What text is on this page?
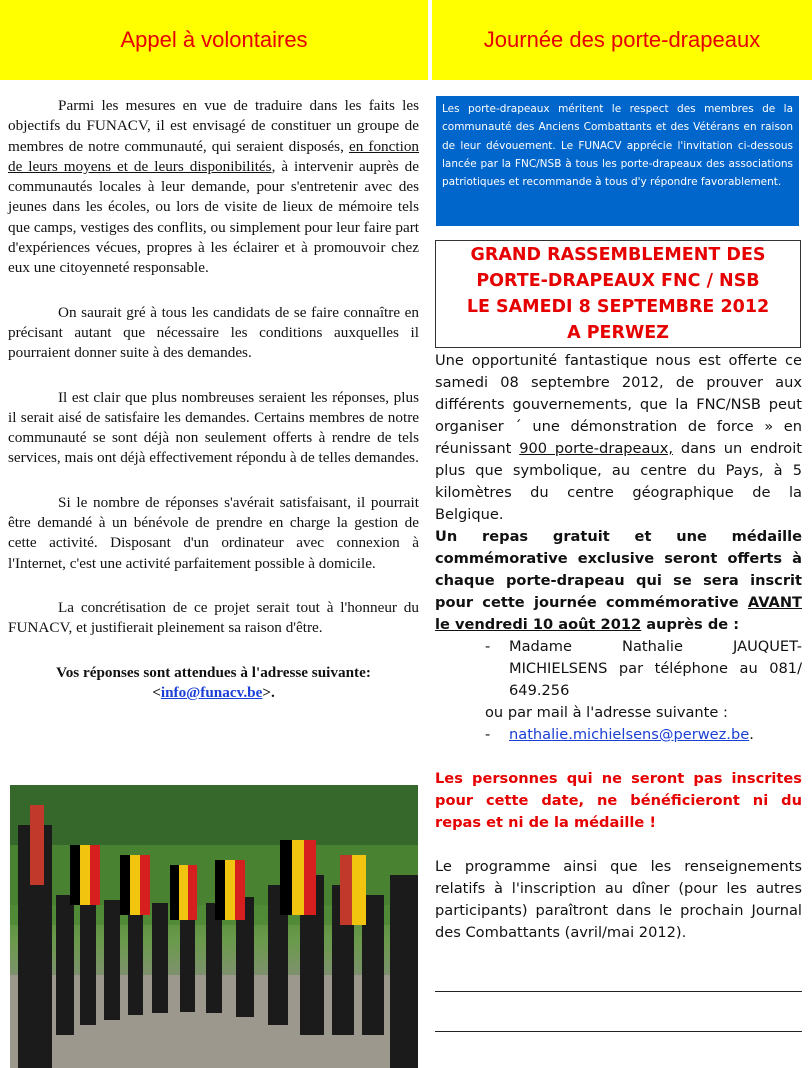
Appel à volontaires	Journée des porte-drapeaux

Parmi les mesures en vue de traduire dans les faits les objectifs du FUNACV, il est envisagé de constituer un groupe de membres de notre communauté, qui seraient disposés, en fonction de leurs moyens et de leurs disponibilités, à intervenir auprès de communautés locales à leur demande, pour s'entretenir avec des jeunes dans les écoles, ou lors de visite de lieux de mémoire tels que camps, vestiges des conflits, ou simplement pour leur faire part d'expériences vécues, propres à les éclairer et à promouvoir chez eux une citoyenneté responsable.

On saurait gré à tous les candidats de se faire connaître en précisant autant que nécessaire les conditions auxquelles il pourraient donner suite à des demandes.

Il est clair que plus nombreuses seraient les réponses, plus il serait aisé de satisfaire les demandes. Certains membres de notre communauté se sont déjà non seulement offerts à rendre de tels services, mais ont déjà effectivement répondu à de telles demandes.

Si le nombre de réponses s'avérait satisfaisant, il pourrait être demandé à un bénévole de prendre en charge la gestion de cette activité. Disposant d'un ordinateur avec connexion à l'Internet, c'est une activité parfaitement possible à domicile.

La concrétisation de ce projet serait tout à l'honneur du FUNACV, et justifierait pleinement sa raison d'être.

Vos réponses sont attendues à l'adresse suivante:

<info@funacv.be>.

Les porte-drapeaux méritent le respect des membres de la communauté des Anciens Combattants et des Vétérans en raison de leur dévouement. Le FUNACV apprécie l'invitation ci-dessous lancée par la FNC/NSB à tous les porte-drapeaux des associations patriotiques et recommande à tous d'y répondre favorablement.
GRAND RASSEMBLEMENT DES
PORTE-DRAPEAUX FNC / NSB
LE SAMEDI 8 SEPTEMBRE 2012
A PERWEZ

Une opportunité fantastique nous est offerte ce samedi 08 septembre 2012, de prouver aux différents gouvernements, que la FNC/NSB peut organiser ´ une démonstration de force » en réunissant 900 porte-drapeaux, dans un endroit plus que symbolique, au centre du Pays, à 5 kilomètres du centre géographique de la Belgique.

Un repas gratuit et une médaille commémorative exclusive seront offerts à chaque porte-drapeau qui se sera inscrit pour cette journée commémorative AVANT le vendredi 10 août 2012 auprès de :

- Madame Nathalie JAUQUET-MICHIELSENS par téléphone au 081/ 649.256

ou par mail à l'adresse suivante :

- nathalie.michielsens@perwez.be.

Les personnes qui ne seront pas inscrites pour cette date, ne bénéficieront ni du repas et ni de la médaille !

Le programme ainsi que les renseignements relatifs à l'inscription au dîner (pour les autres participants) paraîtront dans le prochain Journal des Combattants (avril/mai 2012).
